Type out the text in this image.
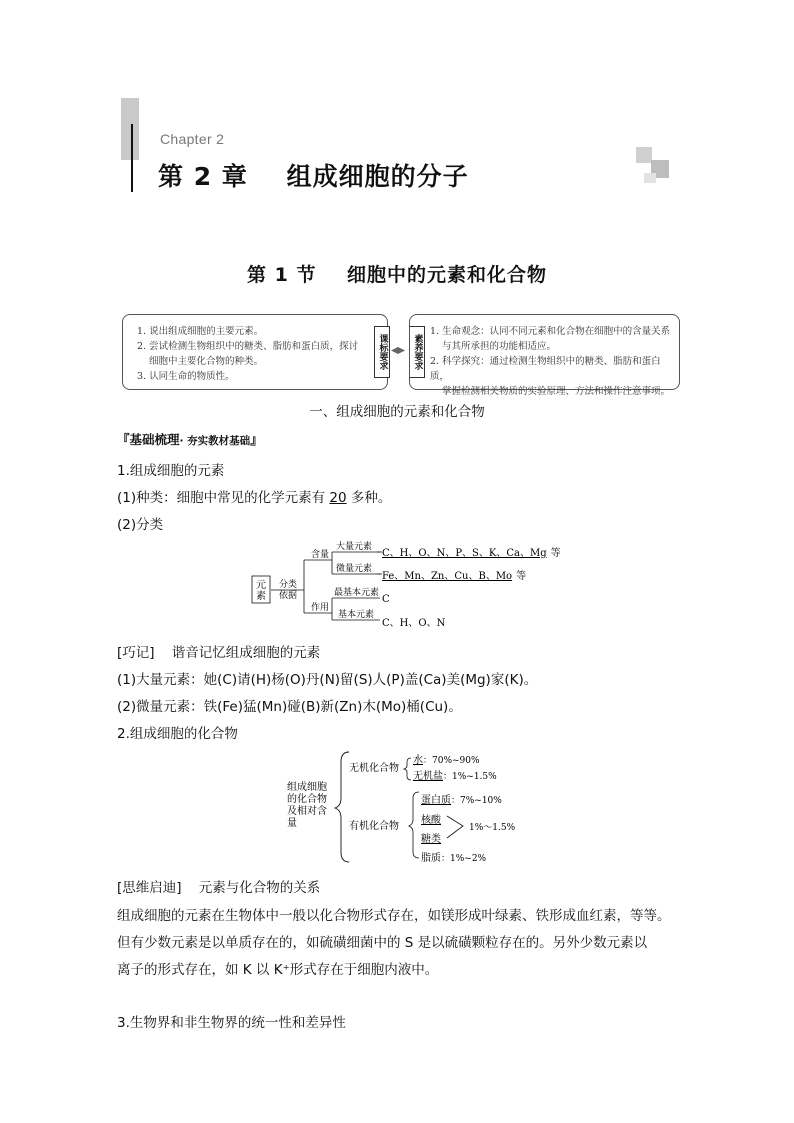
Chapter 2
第 2 章    组成细胞的分子
第 1 节    细胞中的元素和化合物
1. 说出组成细胞的主要元素。
2. 尝试检测生物组织中的糖类、脂肪和蛋白质，探讨
细胞中主要化合物的种类。
3. 认同生命的物质性。
课标要求	素养要求
1. 生命观念：认同不同元素和化合物在细胞中的含量关系
与其所承担的功能相适应。
2. 科学探究：通过检测生物组织中的糖类、脂肪和蛋白质，
掌握检测相关物质的实验原理、方法和操作注意事项。
一、组成细胞的元素和化合物
『基础梳理· 夯实教材基础』
1.组成细胞的元素
(1)种类：细胞中常见的化学元素有 20 多种。
(2)分类
元
素
分类
依据
含量
作用
大量元素
微量元素
C、H、O、N、P、S、K、Ca、Mg 等
Fe、Mn、Zn、Cu、B、Mo 等
最基本元素
基本元素
C
C、H、O、N
[巧记]    谐音记忆组成细胞的元素
(1)大量元素：她(C)请(H)杨(O)丹(N)留(S)人(P)盖(Ca)美(Mg)家(K)。
(2)微量元素：铁(Fe)猛(Mn)碰(B)新(Zn)木(Mo)桶(Cu)。
2.组成细胞的化合物
组成细胞
的化合物
及相对含
量
无机化合物
有机化合物
水：70%~90%
无机盐：1%~1.5%
蛋白质：7%~10%
核酸
糖类
1%～1.5%
脂质：1%~2%
[思维启迪]    元素与化合物的关系
组成细胞的元素在生物体中一般以化合物形式存在，如镁形成叶绿素、铁形成血红素，等等。
但有少数元素是以单质存在的，如硫磺细菌中的 S 是以硫磺颗粒存在的。另外少数元素以
离子的形式存在，如 K 以 K⁺形式存在于细胞内液中。
3.生物界和非生物界的统一性和差异性
